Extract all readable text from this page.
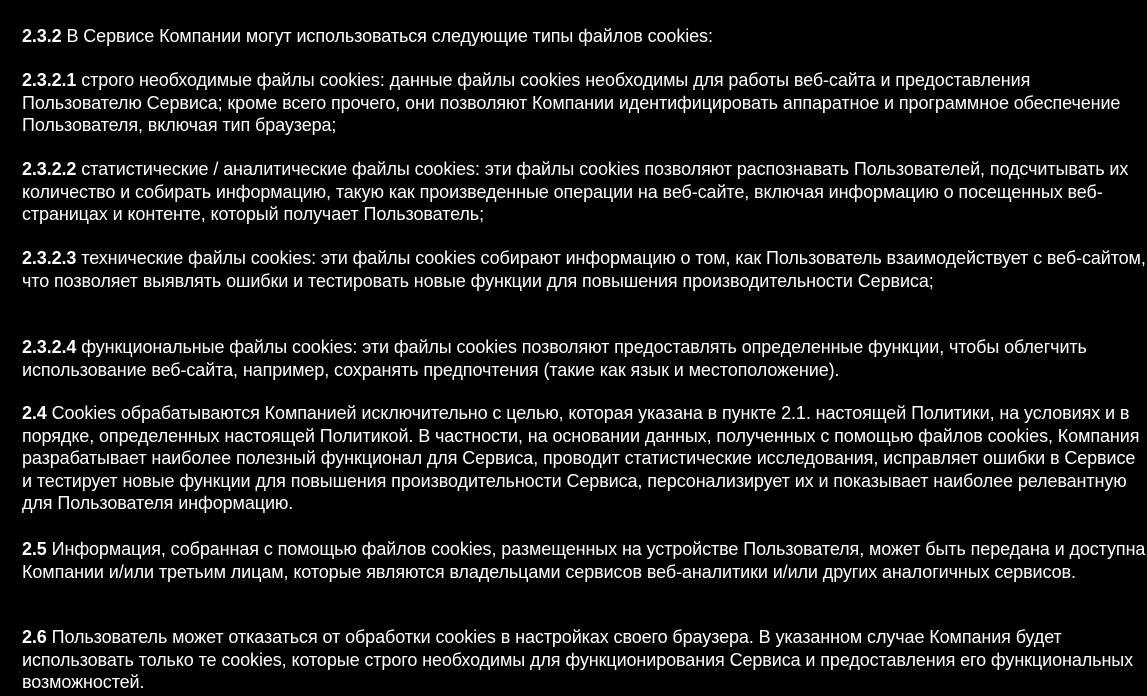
2.3.2 В Сервисе Компании могут использоваться следующие типы файлов cookies:

2.3.2.1 строго необходимые файлы cookies: данные файлы cookies необходимы для работы веб-сайта и предоставления Пользователю Сервиса; кроме всего прочего, они позволяют Компании идентифицировать аппаратное и программное обеспечение Пользователя, включая тип браузера;

2.3.2.2 статистические / аналитические файлы cookies: эти файлы cookies позволяют распознавать Пользователей, подсчитывать их количество и собирать информацию, такую как произведенные операции на веб-сайте, включая информацию о посещенных веб-страницах и контенте, который получает Пользователь;

2.3.2.3 технические файлы cookies: эти файлы cookies собирают информацию о том, как Пользователь взаимодействует с веб-сайтом, что позволяет выявлять ошибки и тестировать новые функции для повышения производительности Сервиса;

2.3.2.4 функциональные файлы cookies: эти файлы cookies позволяют предоставлять определенные функции, чтобы облегчить использование веб-сайта, например, сохранять предпочтения (такие как язык и местоположение).

2.4 Cookies обрабатываются Компанией исключительно с целью, которая указана в пункте 2.1. настоящей Политики, на условиях и в порядке, определенных настоящей Политикой. В частности, на основании данных, полученных с помощью файлов cookies, Компания разрабатывает наиболее полезный функционал для Сервиса, проводит статистические исследования, исправляет ошибки в Сервисе и тестирует новые функции для повышения производительности Сервиса, персонализирует их и показывает наиболее релевантную для Пользователя информацию.

2.5 Информация, собранная с помощью файлов cookies, размещенных на устройстве Пользователя, может быть передана и доступна Компании и/или третьим лицам, которые являются владельцами сервисов веб-аналитики и/или других аналогичных сервисов.

2.6 Пользователь может отказаться от обработки cookies в настройках своего браузера. В указанном случае Компания будет использовать только те cookies, которые строго необходимы для функционирования Сервиса и предоставления его функциональных возможностей.
